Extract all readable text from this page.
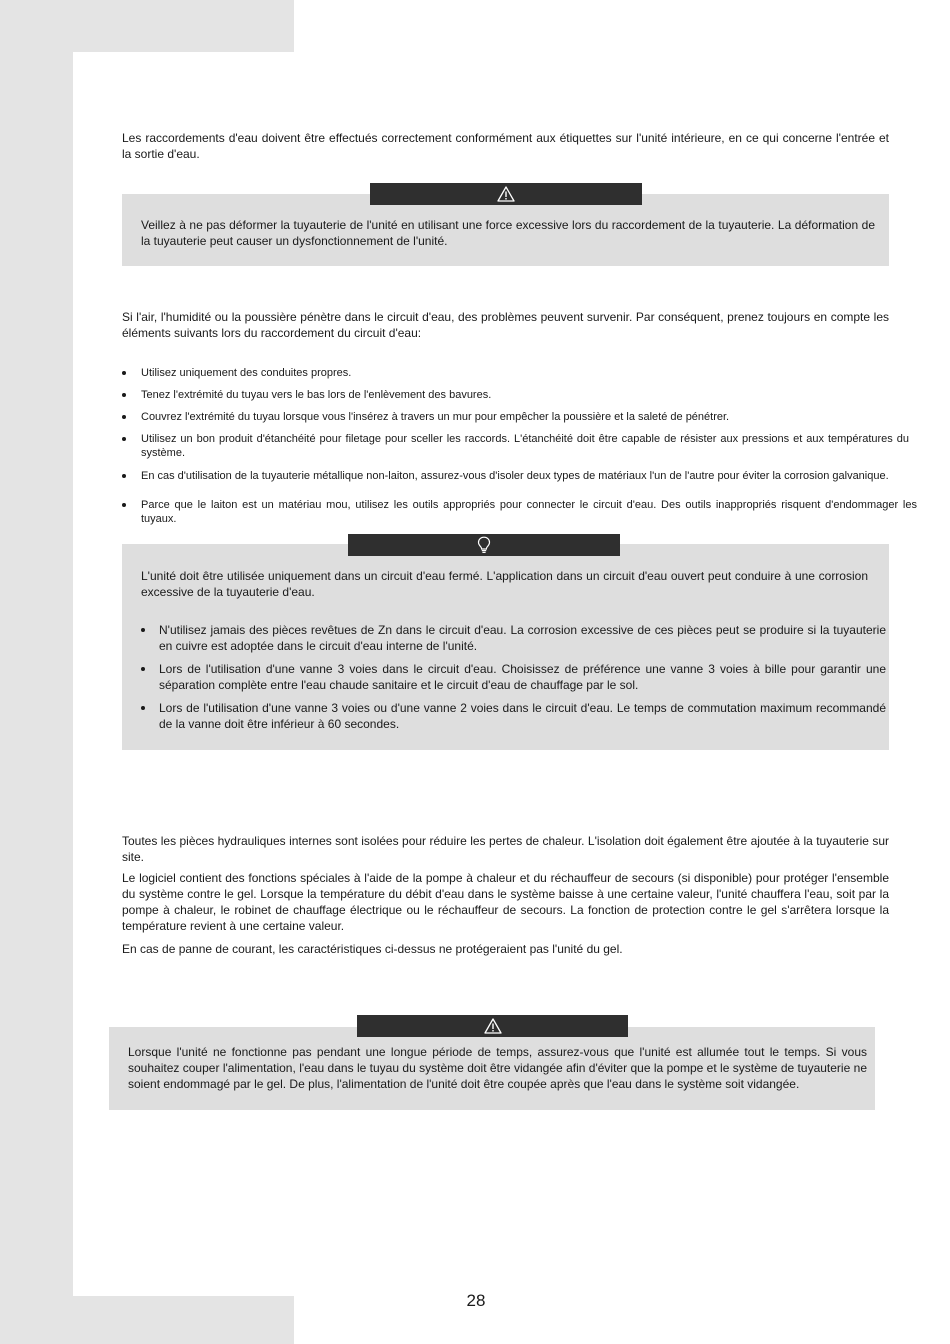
Les raccordements d'eau doivent être effectués correctement conformément aux étiquettes sur l'unité intérieure, en ce qui concerne l'entrée et la sortie d'eau.

Veillez à ne pas déformer la tuyauterie de l'unité en utilisant une force excessive lors du raccordement de la tuyauterie. La déformation de la tuyauterie peut causer un dysfonctionnement de l'unité.

Si l'air, l'humidité ou la poussière pénètre dans le circuit d'eau, des problèmes peuvent survenir. Par conséquent, prenez toujours en compte les éléments suivants lors du raccordement du circuit d'eau:

Utilisez uniquement des conduites propres.
Tenez l'extrémité du tuyau vers le bas lors de l'enlèvement des bavures.
Couvrez l'extrémité du tuyau lorsque vous l'insérez à travers un mur pour empêcher la poussière et la saleté de pénétrer.
Utilisez un bon produit d'étanchéité pour filetage pour sceller les raccords. L'étanchéité doit être capable de résister aux pressions et aux températures du système.
En cas d'utilisation de la tuyauterie métallique non-laiton, assurez-vous d'isoler deux types de matériaux l'un de l'autre pour éviter la corrosion galvanique.
Parce que le laiton est un matériau mou, utilisez les outils appropriés pour connecter le circuit d'eau. Des outils inappropriés risquent d'endommager les tuyaux.

L'unité doit être utilisée uniquement dans un circuit d'eau fermé. L'application dans un circuit d'eau ouvert peut conduire à une corrosion excessive de la tuyauterie d'eau.

N'utilisez jamais des pièces revêtues de Zn dans le circuit d'eau. La corrosion excessive de ces pièces peut se produire si la tuyauterie en cuivre est adoptée dans le circuit d'eau interne de l'unité.
Lors de l'utilisation d'une vanne 3 voies dans le circuit d'eau. Choisissez de préférence une vanne 3 voies à bille pour garantir une séparation complète entre l'eau chaude sanitaire et le circuit d'eau de chauffage par le sol.
Lors de l'utilisation d'une vanne 3 voies ou d'une vanne 2 voies dans le circuit d'eau. Le temps de commutation maximum recommandé de la vanne doit être inférieur à 60 secondes.

Toutes les pièces hydrauliques internes sont isolées pour réduire les pertes de chaleur. L'isolation doit également être ajoutée à la tuyauterie sur site.

Le logiciel contient des fonctions spéciales à l'aide de la pompe à chaleur et du réchauffeur de secours (si disponible) pour protéger l'ensemble du système contre le gel. Lorsque la température du débit d'eau dans le système baisse à une certaine valeur, l'unité chauffera l'eau, soit par la pompe à chaleur, le robinet de chauffage électrique ou le réchauffeur de secours. La fonction de protection contre le gel s'arrêtera lorsque la température revient à une certaine valeur.

En cas de panne de courant, les caractéristiques ci-dessus ne protégeraient pas l'unité du gel.

Lorsque l'unité ne fonctionne pas pendant une longue période de temps, assurez-vous que l'unité est allumée tout le temps. Si vous souhaitez couper l'alimentation, l'eau dans le tuyau du système doit être vidangée afin d'éviter que la pompe et le système de tuyauterie ne soient endommagé par le gel. De plus, l'alimentation de l'unité doit être coupée après que l'eau dans le système soit vidangée.

28
